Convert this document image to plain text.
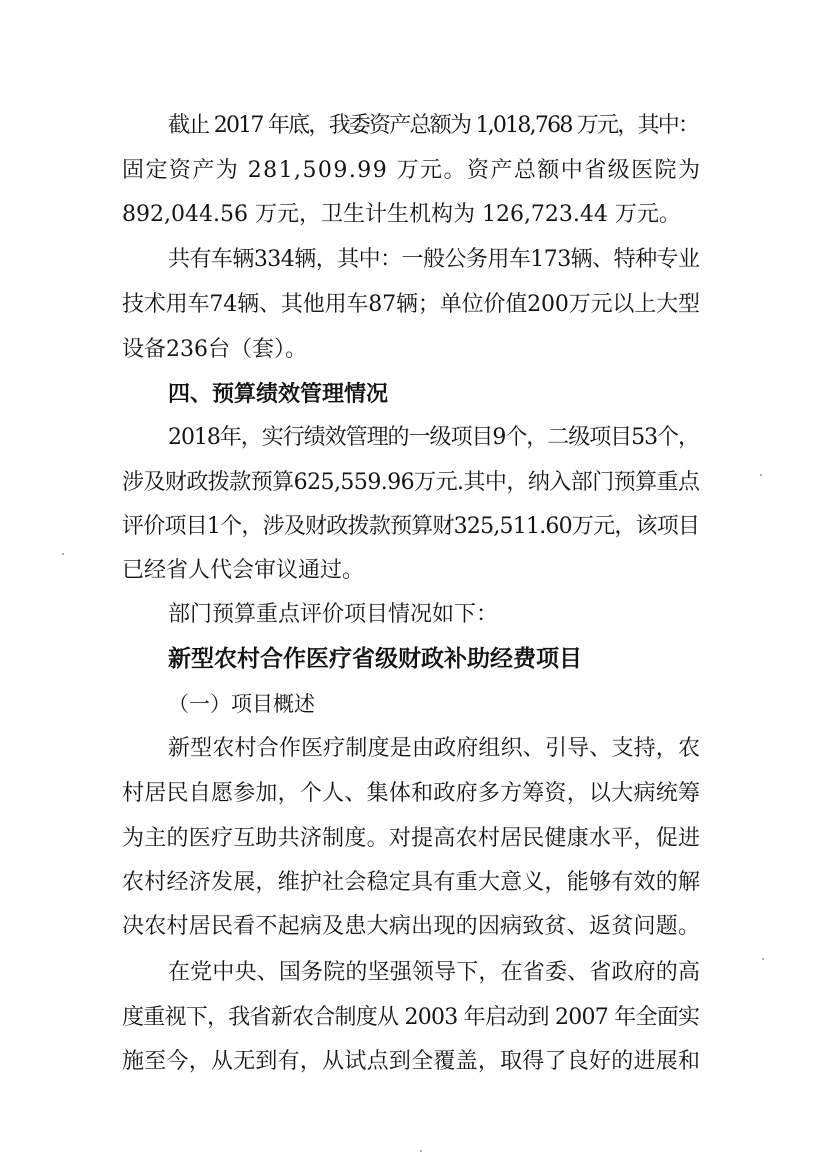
截止 2017 年底，我委资产总额为 1,018,768 万元，其中：
固定资产为 281,509.99 万元。资产总额中省级医院为
892,044.56 万元，卫生计生机构为 126,723.44 万元。
共有车辆334辆，其中：一般公务用车173辆、特种专业
技术用车74辆、其他用车87辆；单位价值200万元以上大型
设备236台（套）。
四、预算绩效管理情况
2018年，实行绩效管理的一级项目9个，二级项目53个，
涉及财政拨款预算625,559.96万元.其中，纳入部门预算重点
评价项目1个，涉及财政拨款预算财325,511.60万元，该项目
已经省人代会审议通过。
部门预算重点评价项目情况如下：
新型农村合作医疗省级财政补助经费项目
（一）项目概述
新型农村合作医疗制度是由政府组织、引导、支持，农
村居民自愿参加，个人、集体和政府多方筹资，以大病统筹
为主的医疗互助共济制度。对提高农村居民健康水平，促进
农村经济发展，维护社会稳定具有重大意义，能够有效的解
决农村居民看不起病及患大病出现的因病致贫、返贫问题。
在党中央、国务院的坚强领导下，在省委、省政府的高
度重视下，我省新农合制度从 2003 年启动到 2007 年全面实
施至今，从无到有，从试点到全覆盖，取得了良好的进展和
